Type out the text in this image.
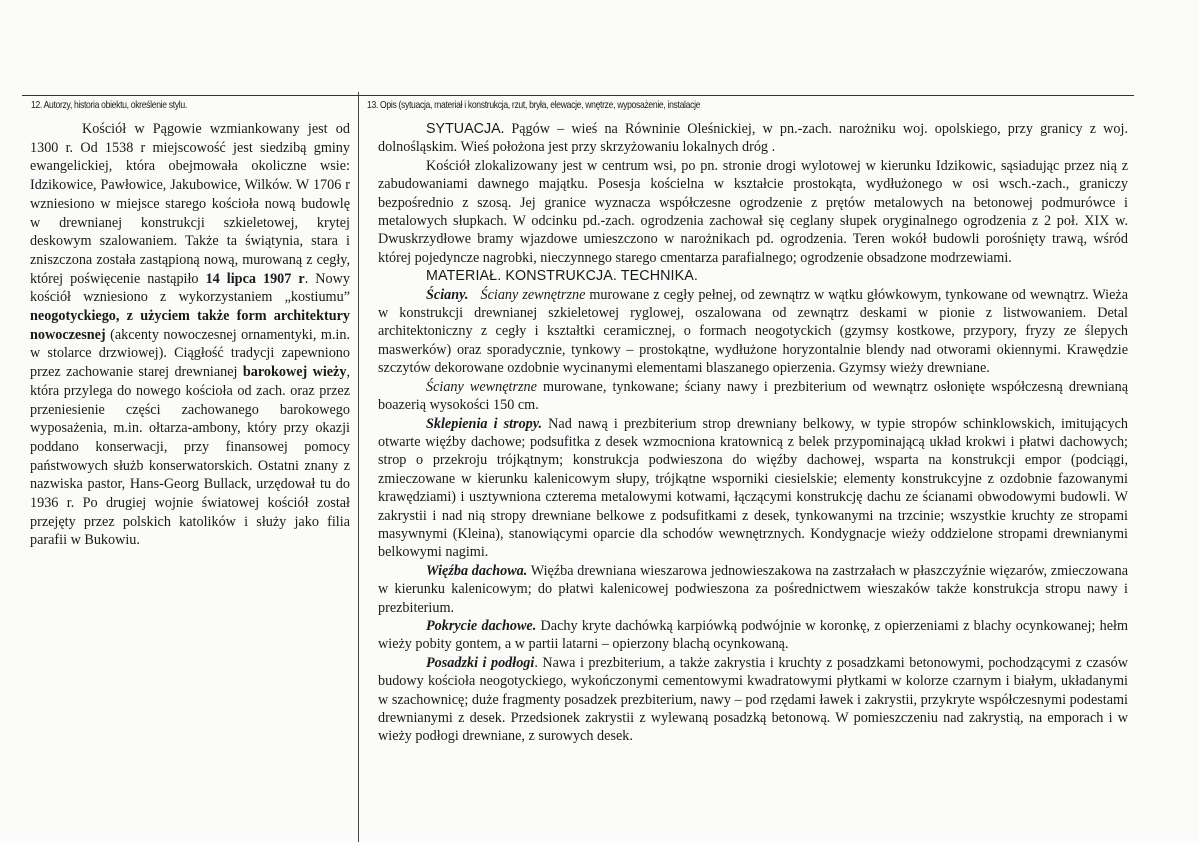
12. Autorzy, historia obiektu, określenie stylu.	13. Opis (sytuacja, materiał i konstrukcja, rzut, bryła, elewacje, wnętrze, wyposażenie, instalacje

Kościół w Pągowie wzmiankowany jest od 1300 r. Od 1538 r miejscowość jest siedzibą gminy ewangelickiej, która obejmowała okoliczne wsie: Idzikowice, Pawłowice, Jakubowice, Wilków. W 1706 r wzniesiono w miejsce starego kościoła nową budowlę w drewnianej konstrukcji szkieletowej, krytej deskowym szalowaniem. Także ta świątynia, stara i zniszczona została zastąpioną nową, murowaną z cegły, której poświęcenie nastąpiło 14 lipca 1907 r. Nowy kościół wzniesiono z wykorzystaniem „kostiumu” neogotyckiego, z użyciem także form architektury nowoczesnej (akcenty nowoczesnej ornamentyki, m.in. w stolarce drzwiowej). Ciągłość tradycji zapewniono przez zachowanie starej drewnianej barokowej wieży, która przylega do nowego kościoła od zach. oraz przez przeniesienie części zachowanego barokowego wyposażenia, m.in. ołtarza-ambony, który przy okazji poddano konserwacji, przy finansowej pomocy państwowych służb konserwatorskich. Ostatni znany z nazwiska pastor, Hans-Georg Bullack, urzędował tu do 1936 r. Po drugiej wojnie światowej kościół został przejęty przez polskich katolików i służy jako filia parafii w Bukowiu.

SYTUACJA. Pągów – wieś na Równinie Oleśnickiej, w pn.-zach. narożniku woj. opolskiego, przy granicy z woj. dolnośląskim. Wieś położona jest przy skrzyżowaniu lokalnych dróg .

Kościół zlokalizowany jest w centrum wsi, po pn. stronie drogi wylotowej w kierunku Idzikowic, sąsiadując przez nią z zabudowaniami dawnego majątku. Posesja kościelna w kształcie prostokąta, wydłużonego w osi wsch.-zach., graniczy bezpośrednio z szosą. Jej granice wyznacza współczesne ogrodzenie z prętów metalowych na betonowej podmurówce i metalowych słupkach. W odcinku pd.-zach. ogrodzenia zachował się ceglany słupek oryginalnego ogrodzenia z 2 poł. XIX w. Dwuskrzydłowe bramy wjazdowe umieszczono w narożnikach pd. ogrodzenia. Teren wokół budowli porośnięty trawą, wśród której pojedyncze nagrobki, nieczynnego starego cmentarza parafialnego; ogrodzenie obsadzone modrzewiami.

MATERIAŁ. KONSTRUKCJA. TECHNIKA.

Ściany. Ściany zewnętrzne murowane z cegły pełnej, od zewnątrz w wątku główkowym, tynkowane od wewnątrz. Wieża w konstrukcji drewnianej szkieletowej ryglowej, oszalowana od zewnątrz deskami w pionie z listwowaniem. Detal architektoniczny z cegły i kształtki ceramicznej, o formach neogotyckich (gzymsy kostkowe, przypory, fryzy ze ślepych maswerków) oraz sporadycznie, tynkowy – prostokątne, wydłużone horyzontalnie blendy nad otworami okiennymi. Krawędzie szczytów dekorowane ozdobnie wycinanymi elementami blaszanego opierzenia. Gzymsy wieży drewniane.

Ściany wewnętrzne murowane, tynkowane; ściany nawy i prezbiterium od wewnątrz osłonięte współczesną drewnianą boazerią wysokości 150 cm.

Sklepienia i stropy. Nad nawą i prezbiterium strop drewniany belkowy, w typie stropów schinklowskich, imitujących otwarte więźby dachowe; podsufitka z desek wzmocniona kratownicą z belek przypominającą układ krokwi i płatwi dachowych; strop o przekroju trójkątnym; konstrukcja podwieszona do więźby dachowej, wsparta na konstrukcji empor (podciągi, zmieczowane w kierunku kalenicowym słupy, trójkątne wsporniki ciesielskie; elementy konstrukcyjne z ozdobnie fazowanymi krawędziami) i usztywniona czterema metalowymi kotwami, łączącymi konstrukcję dachu ze ścianami obwodowymi budowli. W zakrystii i nad nią stropy drewniane belkowe z podsufitkami z desek, tynkowanymi na trzcinie; wszystkie kruchty ze stropami masywnymi (Kleina), stanowiącymi oparcie dla schodów wewnętrznych. Kondygnacje wieży oddzielone stropami drewnianymi belkowymi nagimi.

Więźba dachowa. Więźba drewniana wieszarowa jednowieszakowa na zastrzałach w płaszczyźnie więzarów, zmieczowana w kierunku kalenicowym; do płatwi kalenicowej podwieszona za pośrednictwem wieszaków także konstrukcja stropu nawy i prezbiterium.

Pokrycie dachowe. Dachy kryte dachówką karpiówką podwójnie w koronkę, z opierzeniami z blachy ocynkowanej; hełm wieży pobity gontem, a w partii latarni – opierzony blachą ocynkowaną.

Posadzki i podłogi. Nawa i prezbiterium, a także zakrystia i kruchty z posadzkami betonowymi, pochodzącymi z czasów budowy kościoła neogotyckiego, wykończonymi cementowymi kwadratowymi płytkami w kolorze czarnym i białym, układanymi w szachownicę; duże fragmenty posadzek prezbiterium, nawy – pod rzędami ławek i zakrystii, przykryte współczesnymi podestami drewnianymi z desek. Przedsionek zakrystii z wylewaną posadzką betonową. W pomieszczeniu nad zakrystią, na emporach i w wieży podłogi drewniane, z surowych desek.
